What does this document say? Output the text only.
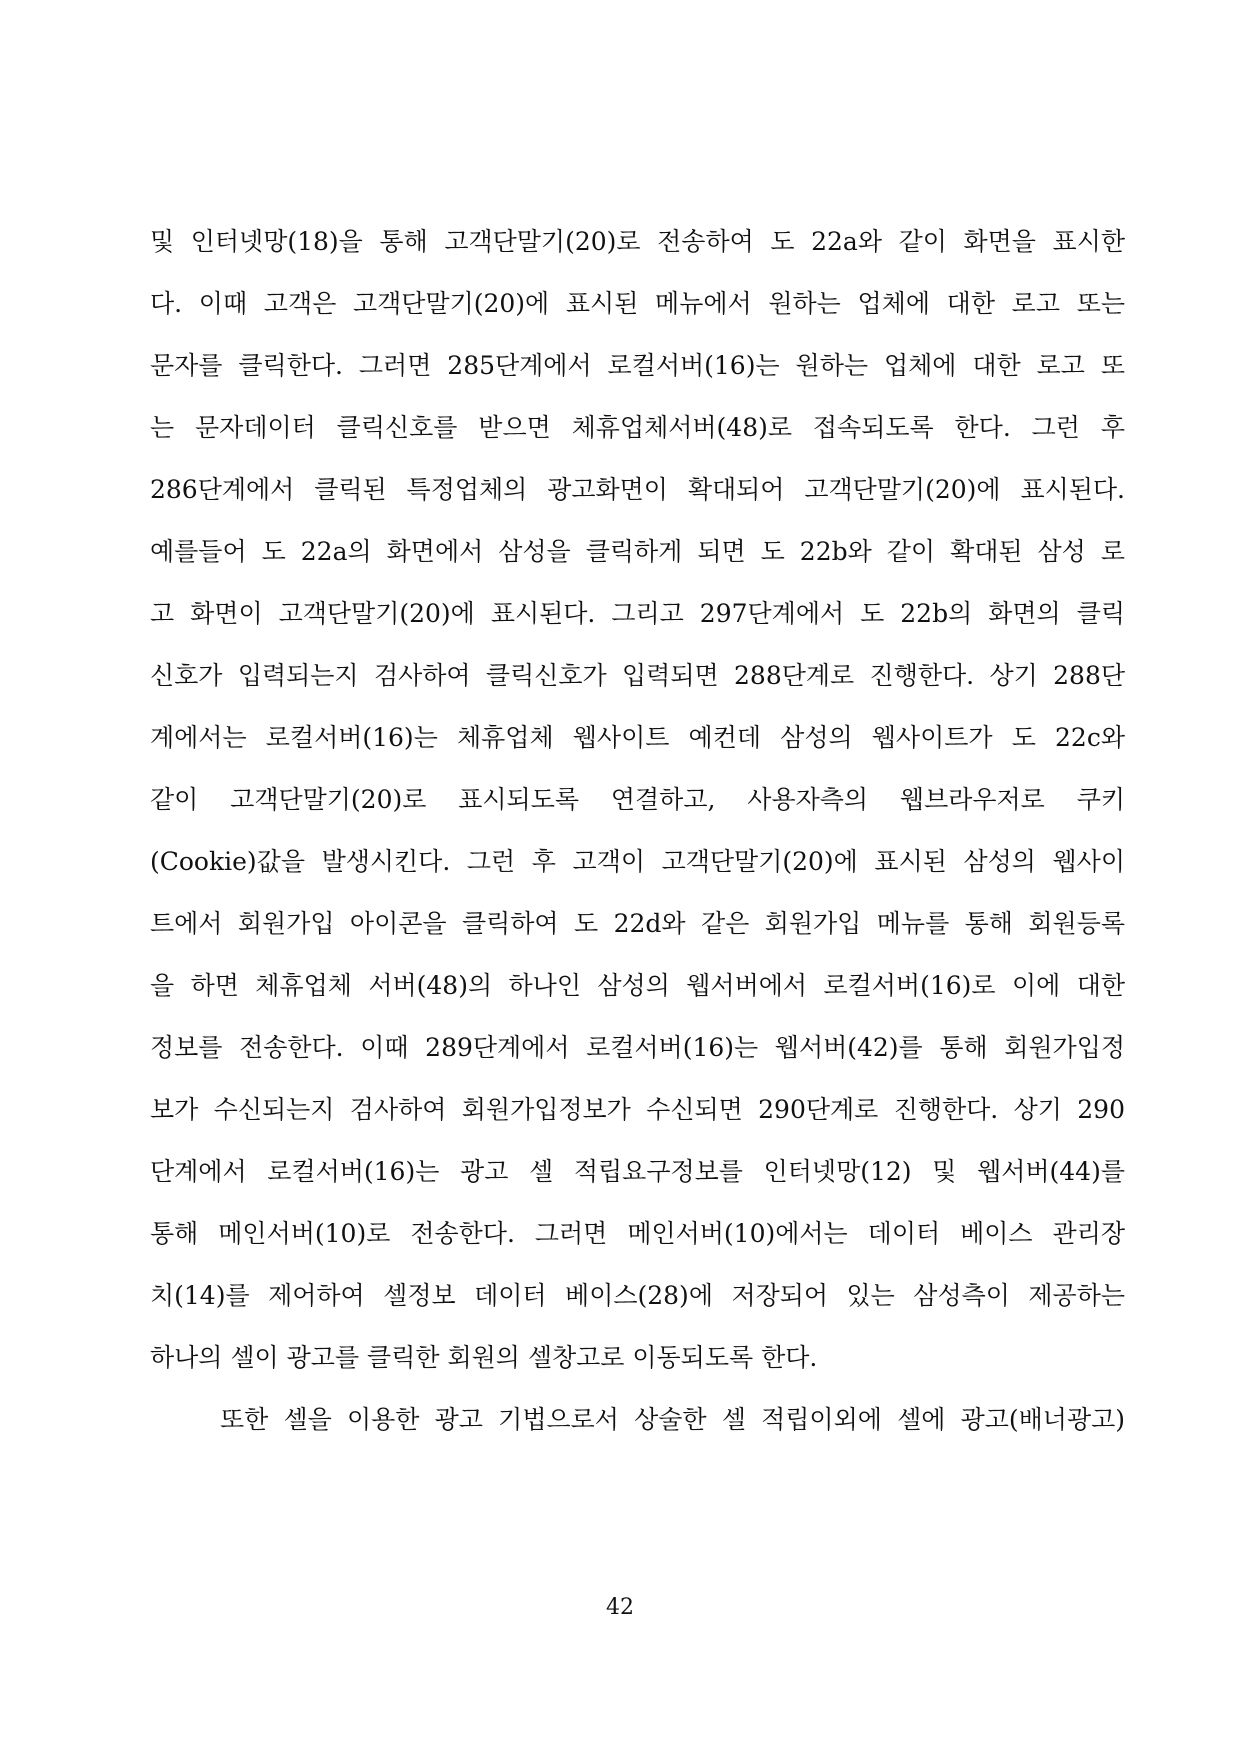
및 인터넷망(18)을 통해 고객단말기(20)로 전송하여 도 22a와 같이 화면을 표시한
다. 이때 고객은 고객단말기(20)에 표시된 메뉴에서 원하는 업체에 대한 로고 또는
문자를 클릭한다. 그러면 285단계에서 로컬서버(16)는 원하는 업체에 대한 로고 또
는 문자데이터 클릭신호를 받으면 체휴업체서버(48)로 접속되도록 한다. 그런 후
286단계에서 클릭된 특정업체의 광고화면이 확대되어 고객단말기(20)에 표시된다.
예를들어 도 22a의 화면에서 삼성을 클릭하게 되면 도 22b와 같이 확대된 삼성 로
고 화면이 고객단말기(20)에 표시된다. 그리고 297단계에서 도 22b의 화면의 클릭
신호가 입력되는지 검사하여 클릭신호가 입력되면 288단계로 진행한다. 상기 288단
계에서는 로컬서버(16)는 체휴업체 웹사이트 예컨데 삼성의 웹사이트가 도 22c와
같이 고객단말기(20)로 표시되도록 연결하고, 사용자측의 웹브라우저로 쿠키
(Cookie)값을 발생시킨다. 그런 후 고객이 고객단말기(20)에 표시된 삼성의 웹사이
트에서 회원가입 아이콘을 클릭하여 도 22d와 같은 회원가입 메뉴를 통해 회원등록
을 하면 체휴업체 서버(48)의 하나인 삼성의 웹서버에서 로컬서버(16)로 이에 대한
정보를 전송한다. 이때 289단계에서 로컬서버(16)는 웹서버(42)를 통해 회원가입정
보가 수신되는지 검사하여 회원가입정보가 수신되면 290단계로 진행한다. 상기 290
단계에서 로컬서버(16)는 광고 셀 적립요구정보를 인터넷망(12) 및 웹서버(44)를
통해 메인서버(10)로 전송한다. 그러면 메인서버(10)에서는 데이터 베이스 관리장
치(14)를 제어하여 셀정보 데이터 베이스(28)에 저장되어 있는 삼성측이 제공하는
하나의 셀이 광고를 클릭한 회원의 셀창고로 이동되도록 한다.
또한 셀을 이용한 광고 기법으로서 상술한 셀 적립이외에 셀에 광고(배너광고)
42
